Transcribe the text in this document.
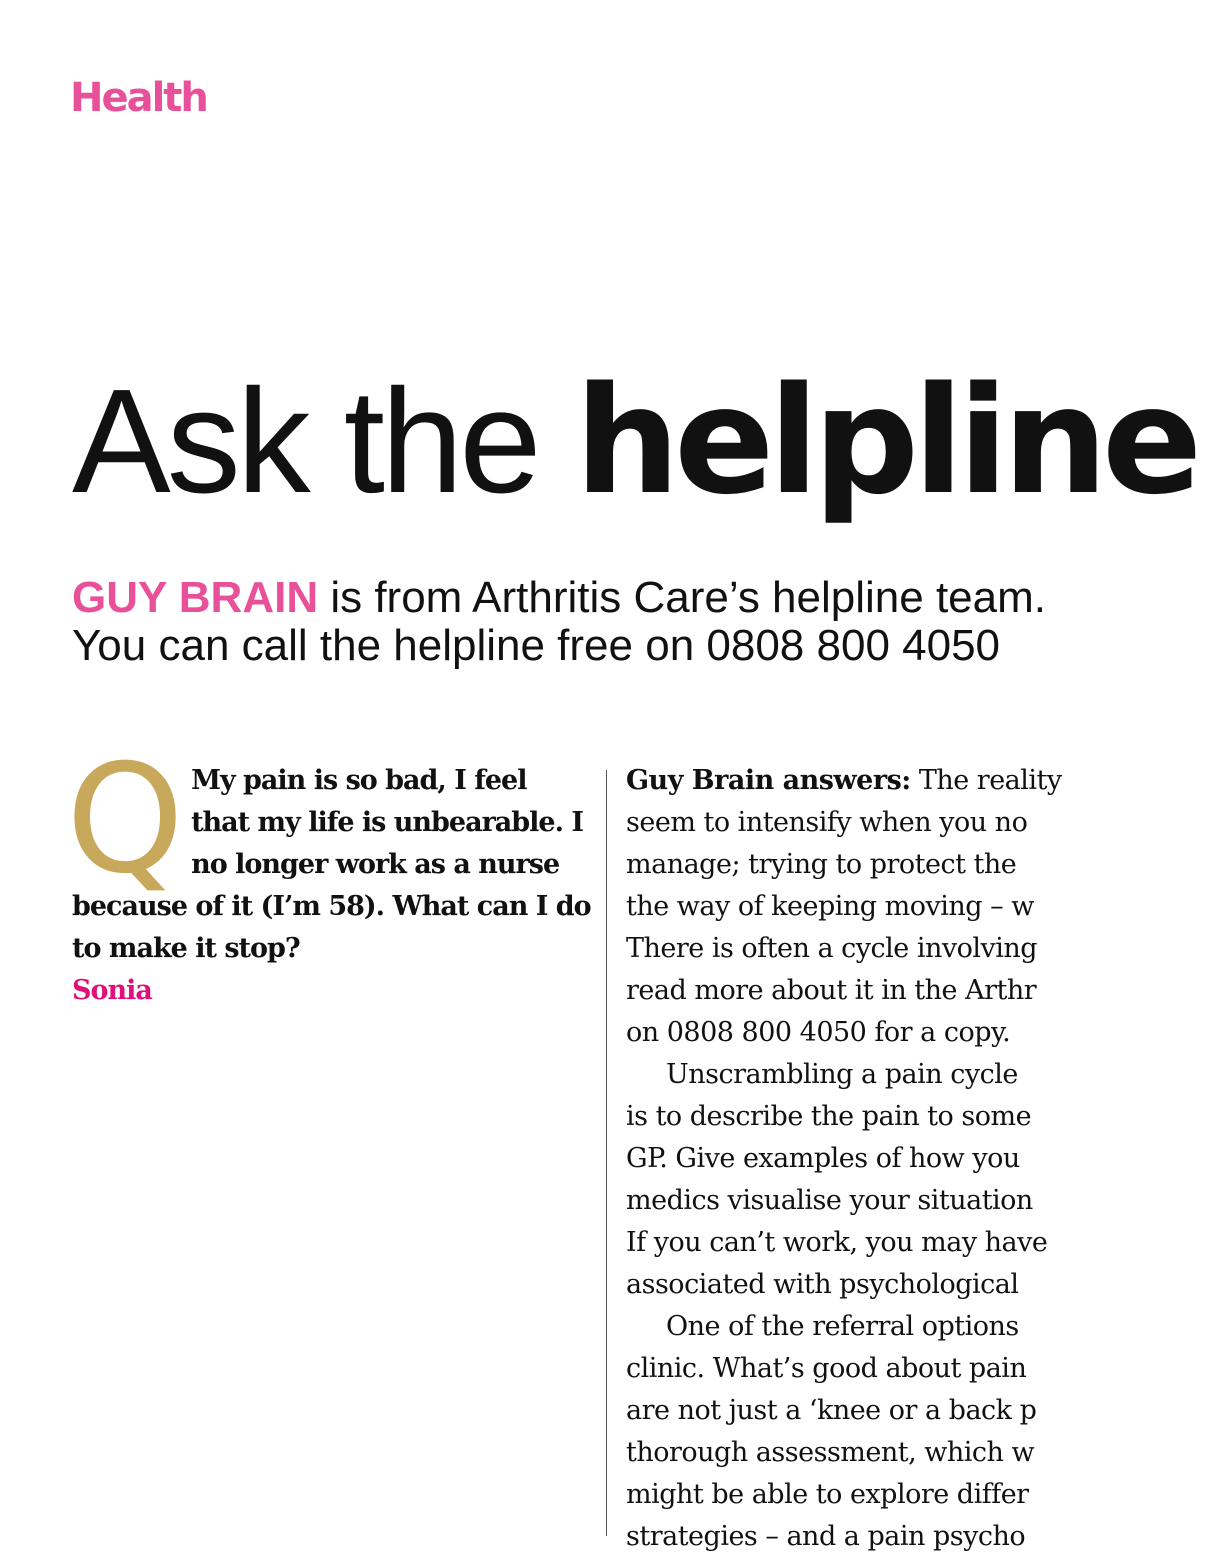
Health
Ask the helpline
GUY BRAIN is from Arthritis Care’s helpline team.
You can call the helpline free on 0808 800 4050
Q My pain is so bad, I feel that my life is unbearable. I no longer work as a nurse because of it (I’m 58). What can I do to make it stop?
Sonia
Guy Brain answers: The reality
seem to intensify when you no
manage; trying to protect the
the way of keeping moving – w
There is often a cycle involving
read more about it in the Arthr
on 0808 800 4050 for a copy.
Unscrambling a pain cycle
is to describe the pain to some
GP. Give examples of how you
medics visualise your situation
If you can’t work, you may have
associated with psychological
One of the referral options
clinic. What’s good about pain
are not just a ‘knee or a back p
thorough assessment, which w
might be able to explore differ
strategies – and a pain psycho
